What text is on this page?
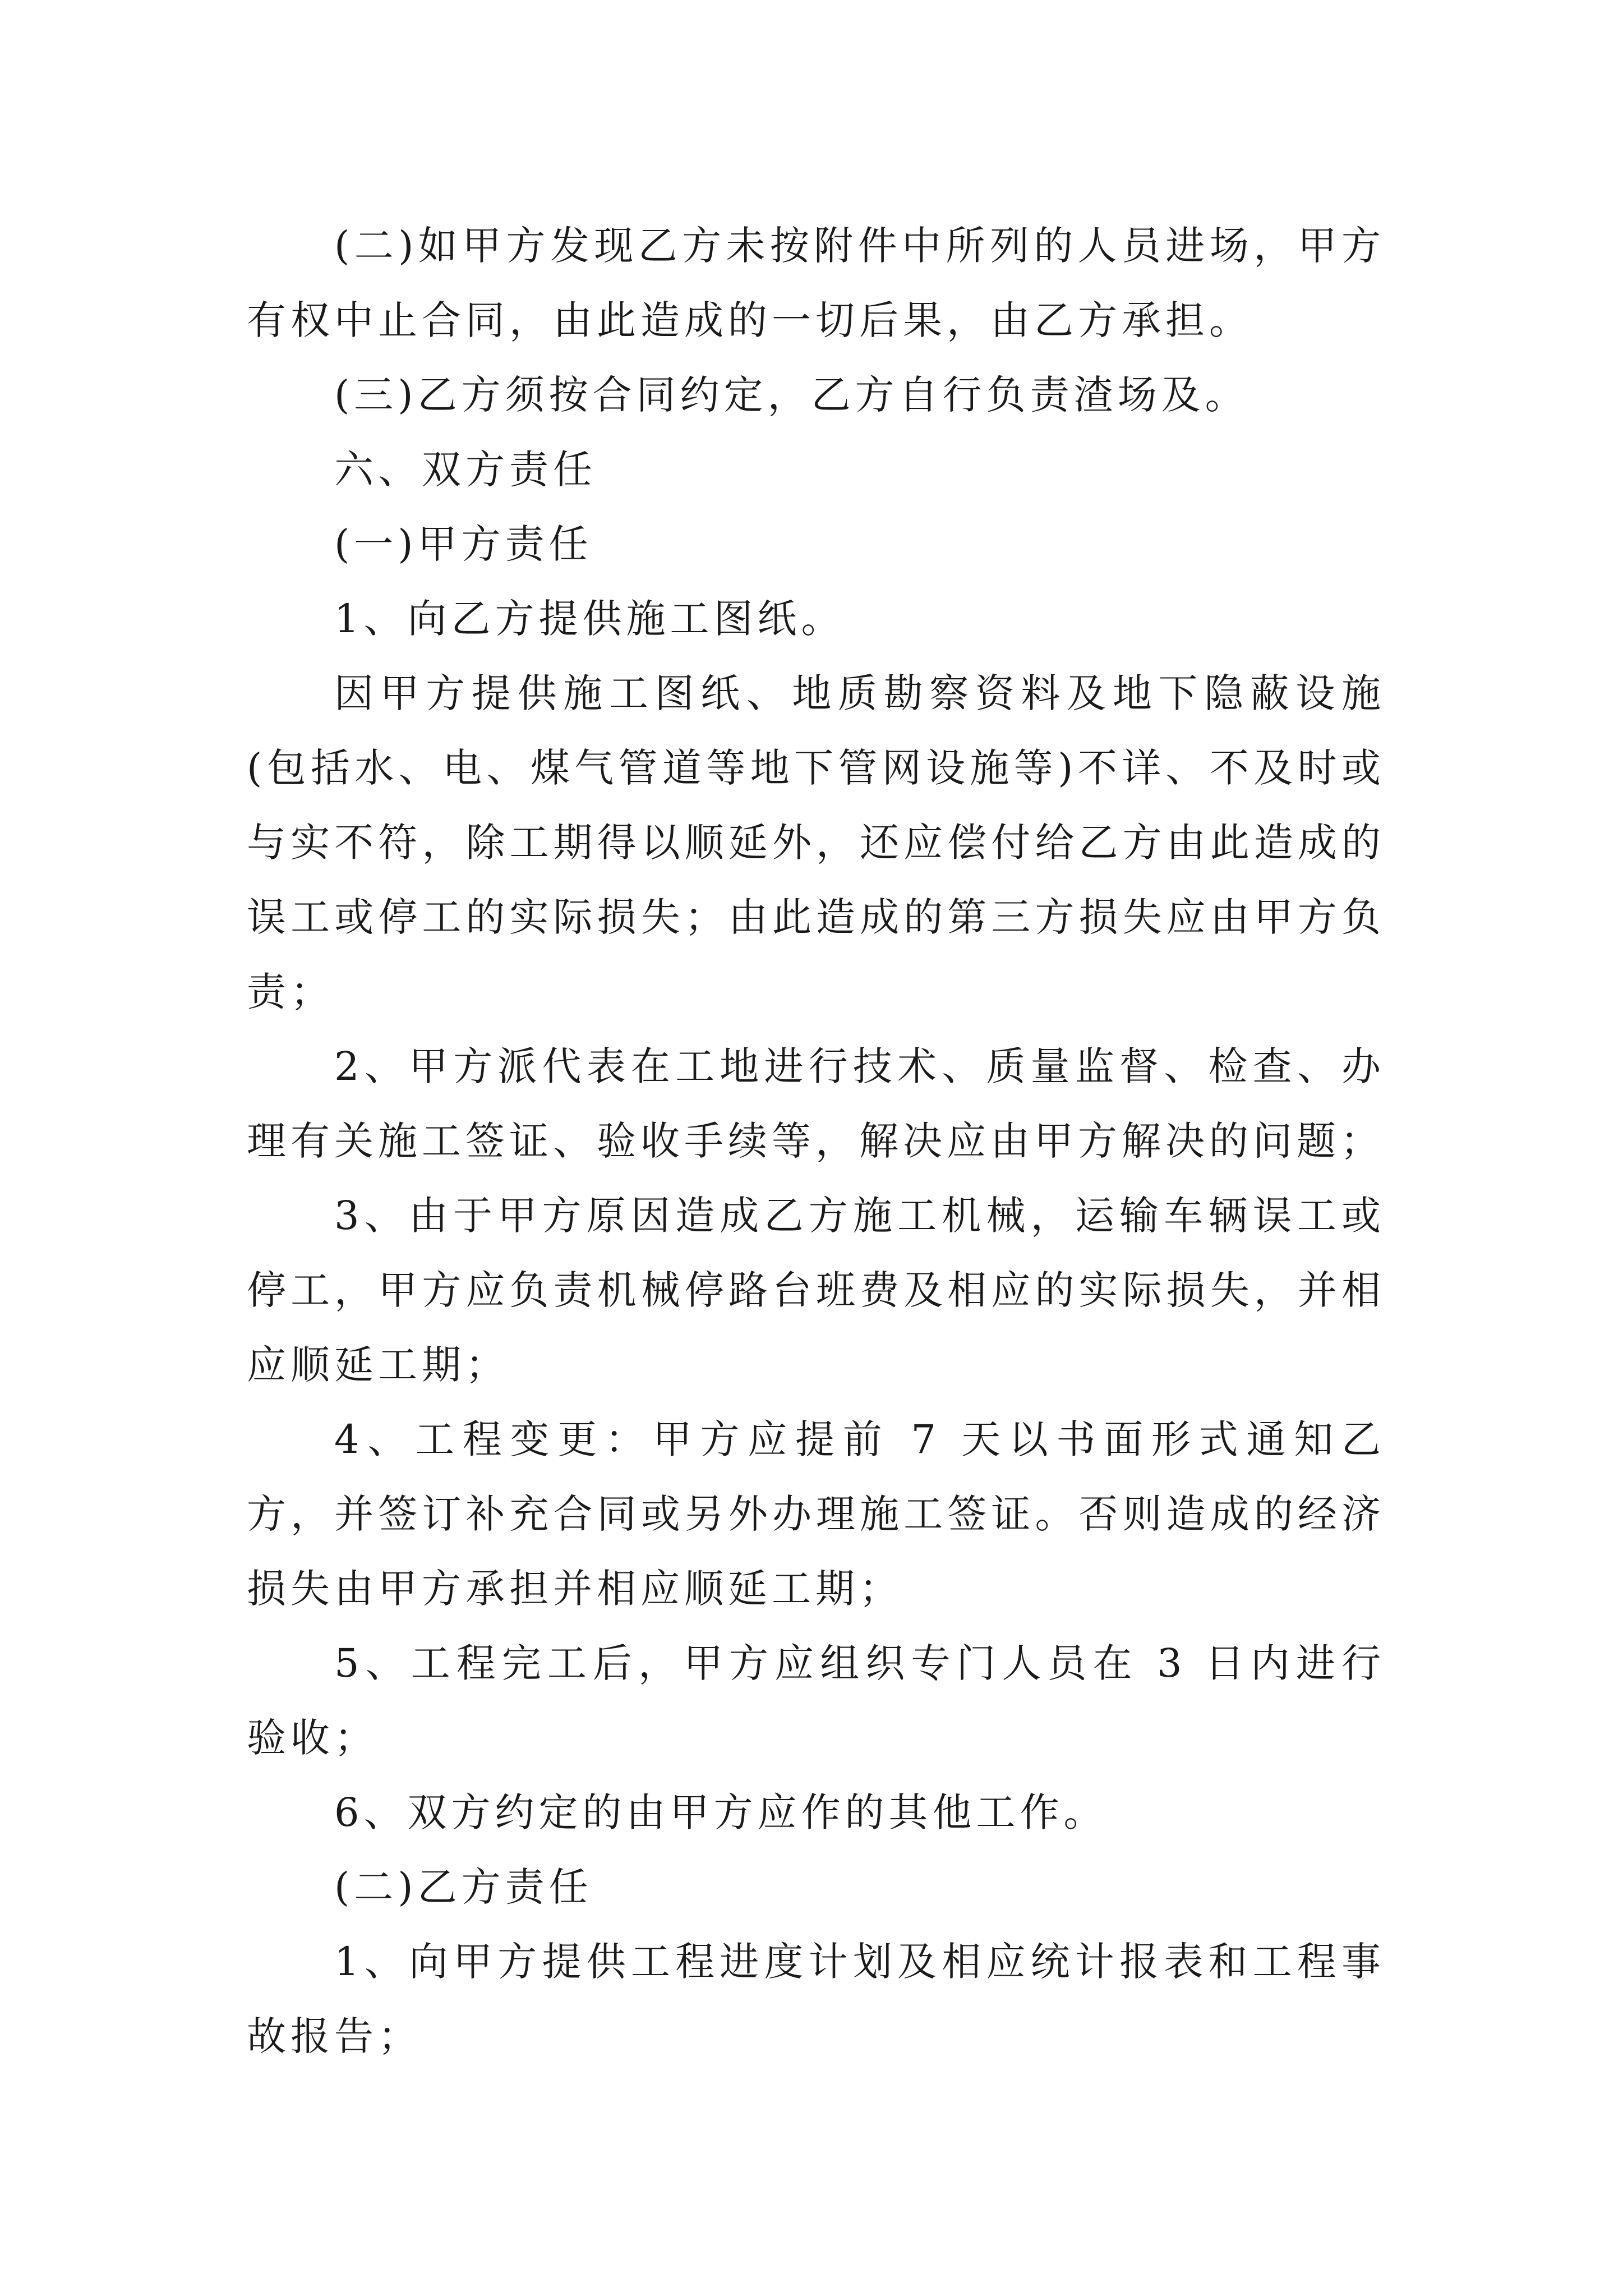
(二)如甲方发现乙方未按附件中所列的人员进场，甲方有权中止合同，由此造成的一切后果，由乙方承担。

(三)乙方须按合同约定，乙方自行负责渣场及。

六、双方责任

(一)甲方责任

1、向乙方提供施工图纸。

因甲方提供施工图纸、地质勘察资料及地下隐蔽设施(包括水、电、煤气管道等地下管网设施等)不详、不及时或与实不符，除工期得以顺延外，还应偿付给乙方由此造成的误工或停工的实际损失；由此造成的第三方损失应由甲方负责；

2、甲方派代表在工地进行技术、质量监督、检查、办理有关施工签证、验收手续等，解决应由甲方解决的问题；

3、由于甲方原因造成乙方施工机械，运输车辆误工或停工，甲方应负责机械停路台班费及相应的实际损失，并相应顺延工期；

4、工程变更：甲方应提前 7 天以书面形式通知乙方，并签订补充合同或另外办理施工签证。否则造成的经济损失由甲方承担并相应顺延工期；

5、工程完工后，甲方应组织专门人员在 3 日内进行验收；

6、双方约定的由甲方应作的其他工作。

(二)乙方责任

1、向甲方提供工程进度计划及相应统计报表和工程事故报告；
